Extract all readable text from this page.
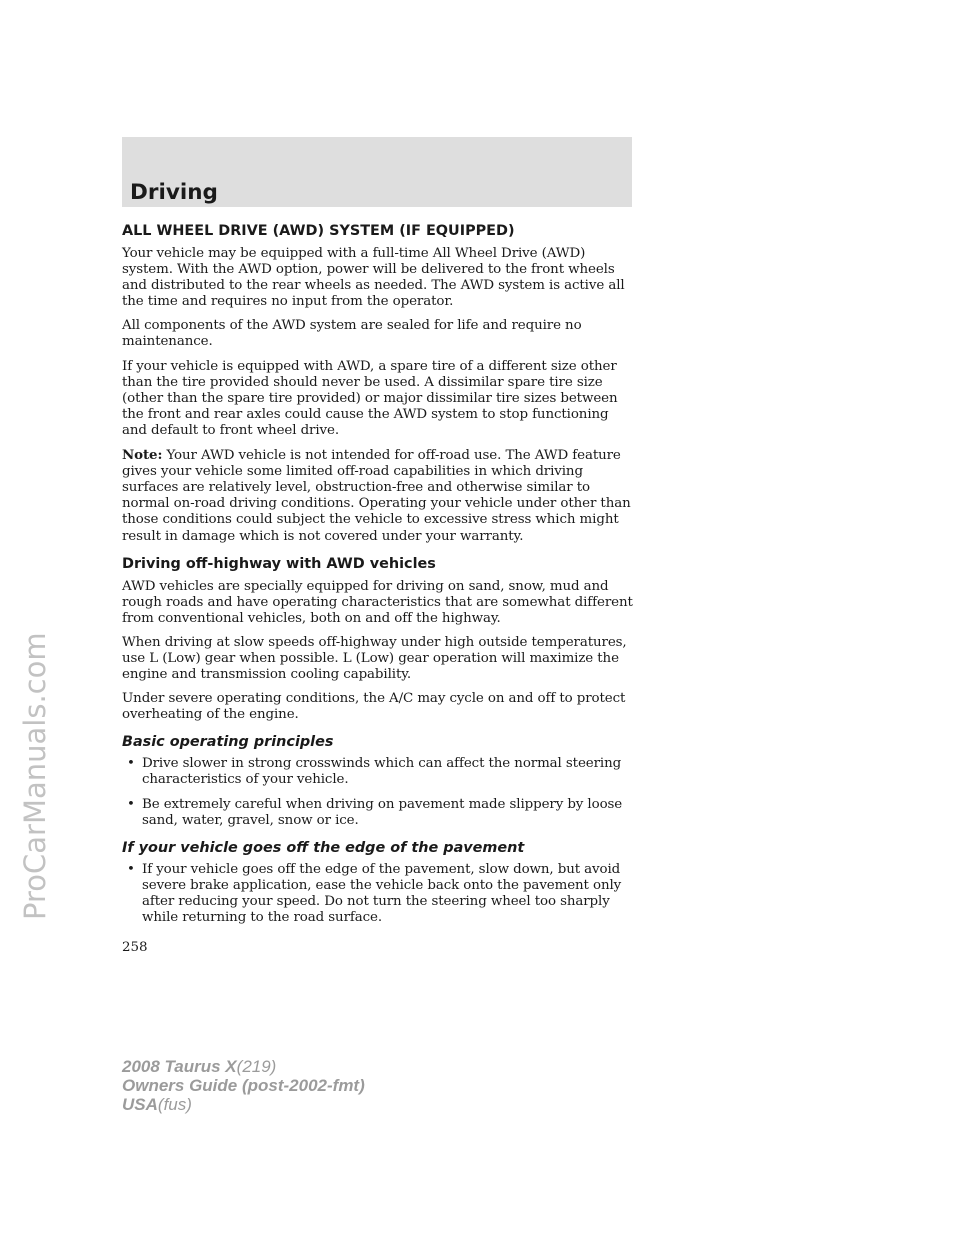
Driving
ALL WHEEL DRIVE (AWD) SYSTEM (IF EQUIPPED)

Your vehicle may be equipped with a full-time All Wheel Drive (AWD) system. With the AWD option, power will be delivered to the front wheels and distributed to the rear wheels as needed. The AWD system is active all the time and requires no input from the operator.

All components of the AWD system are sealed for life and require no maintenance.

If your vehicle is equipped with AWD, a spare tire of a different size other than the tire provided should never be used. A dissimilar spare tire size (other than the spare tire provided) or major dissimilar tire sizes between the front and rear axles could cause the AWD system to stop functioning and default to front wheel drive.

Note: Your AWD vehicle is not intended for off-road use. The AWD feature gives your vehicle some limited off-road capabilities in which driving surfaces are relatively level, obstruction-free and otherwise similar to normal on-road driving conditions. Operating your vehicle under other than those conditions could subject the vehicle to excessive stress which might result in damage which is not covered under your warranty.

Driving off-highway with AWD vehicles

AWD vehicles are specially equipped for driving on sand, snow, mud and rough roads and have operating characteristics that are somewhat different from conventional vehicles, both on and off the highway.

When driving at slow speeds off-highway under high outside temperatures, use L (Low) gear when possible. L (Low) gear operation will maximize the engine and transmission cooling capability.

Under severe operating conditions, the A/C may cycle on and off to protect overheating of the engine.

Basic operating principles
• Drive slower in strong crosswinds which can affect the normal steering characteristics of your vehicle.
• Be extremely careful when driving on pavement made slippery by loose sand, water, gravel, snow or ice.
If your vehicle goes off the edge of the pavement
• If your vehicle goes off the edge of the pavement, slow down, but avoid severe brake application, ease the vehicle back onto the pavement only after reducing your speed. Do not turn the steering wheel too sharply while returning to the road surface.
258
2008 Taurus X(219)
Owners Guide (post-2002-fmt)
USA(fus)
ProCarManuals.com
